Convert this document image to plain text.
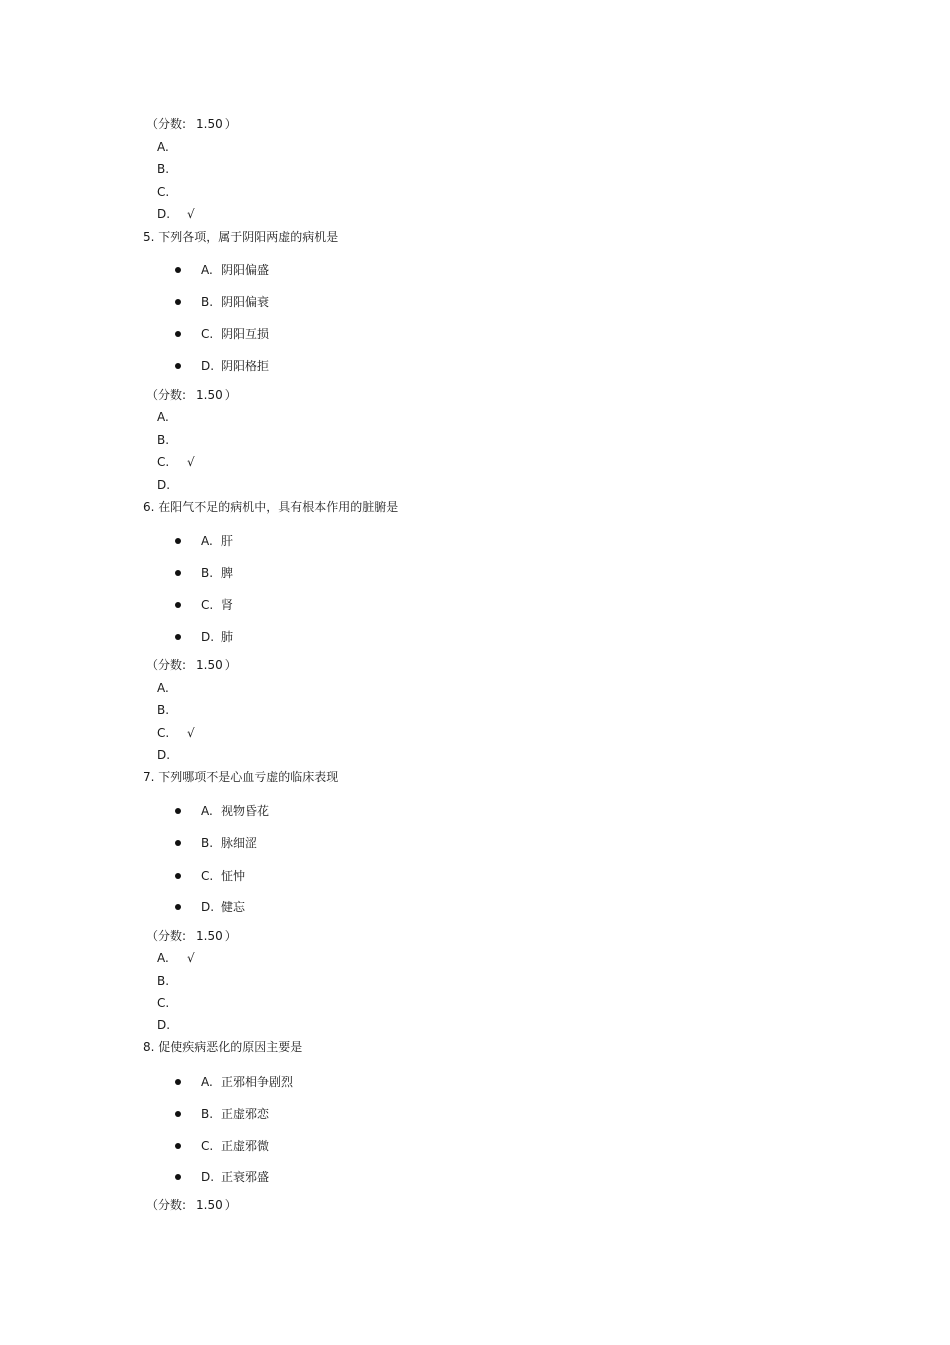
（分数: 1.50 ）
A.
B.
C.
D. √
5. 下列各项，属于阴阳两虚的病机是
A. 阴阳偏盛
B. 阴阳偏衰
C. 阴阳互损
D. 阴阳格拒
（分数: 1.50 ）
A.
B.
C. √
D.
6. 在阳气不足的病机中，具有根本作用的脏腑是
A. 肝
B. 脾
C. 肾
D. 肺
（分数: 1.50 ）
A.
B.
C. √
D.
7. 下列哪项不是心血亏虚的临床表现
A. 视物昏花
B. 脉细涩
C. 怔忡
D. 健忘
（分数: 1.50 ）
A. √
B.
C.
D.
8. 促使疾病恶化的原因主要是
A. 正邪相争剧烈
B. 正虚邪恋
C. 正虚邪微
D. 正衰邪盛
（分数: 1.50 ）
